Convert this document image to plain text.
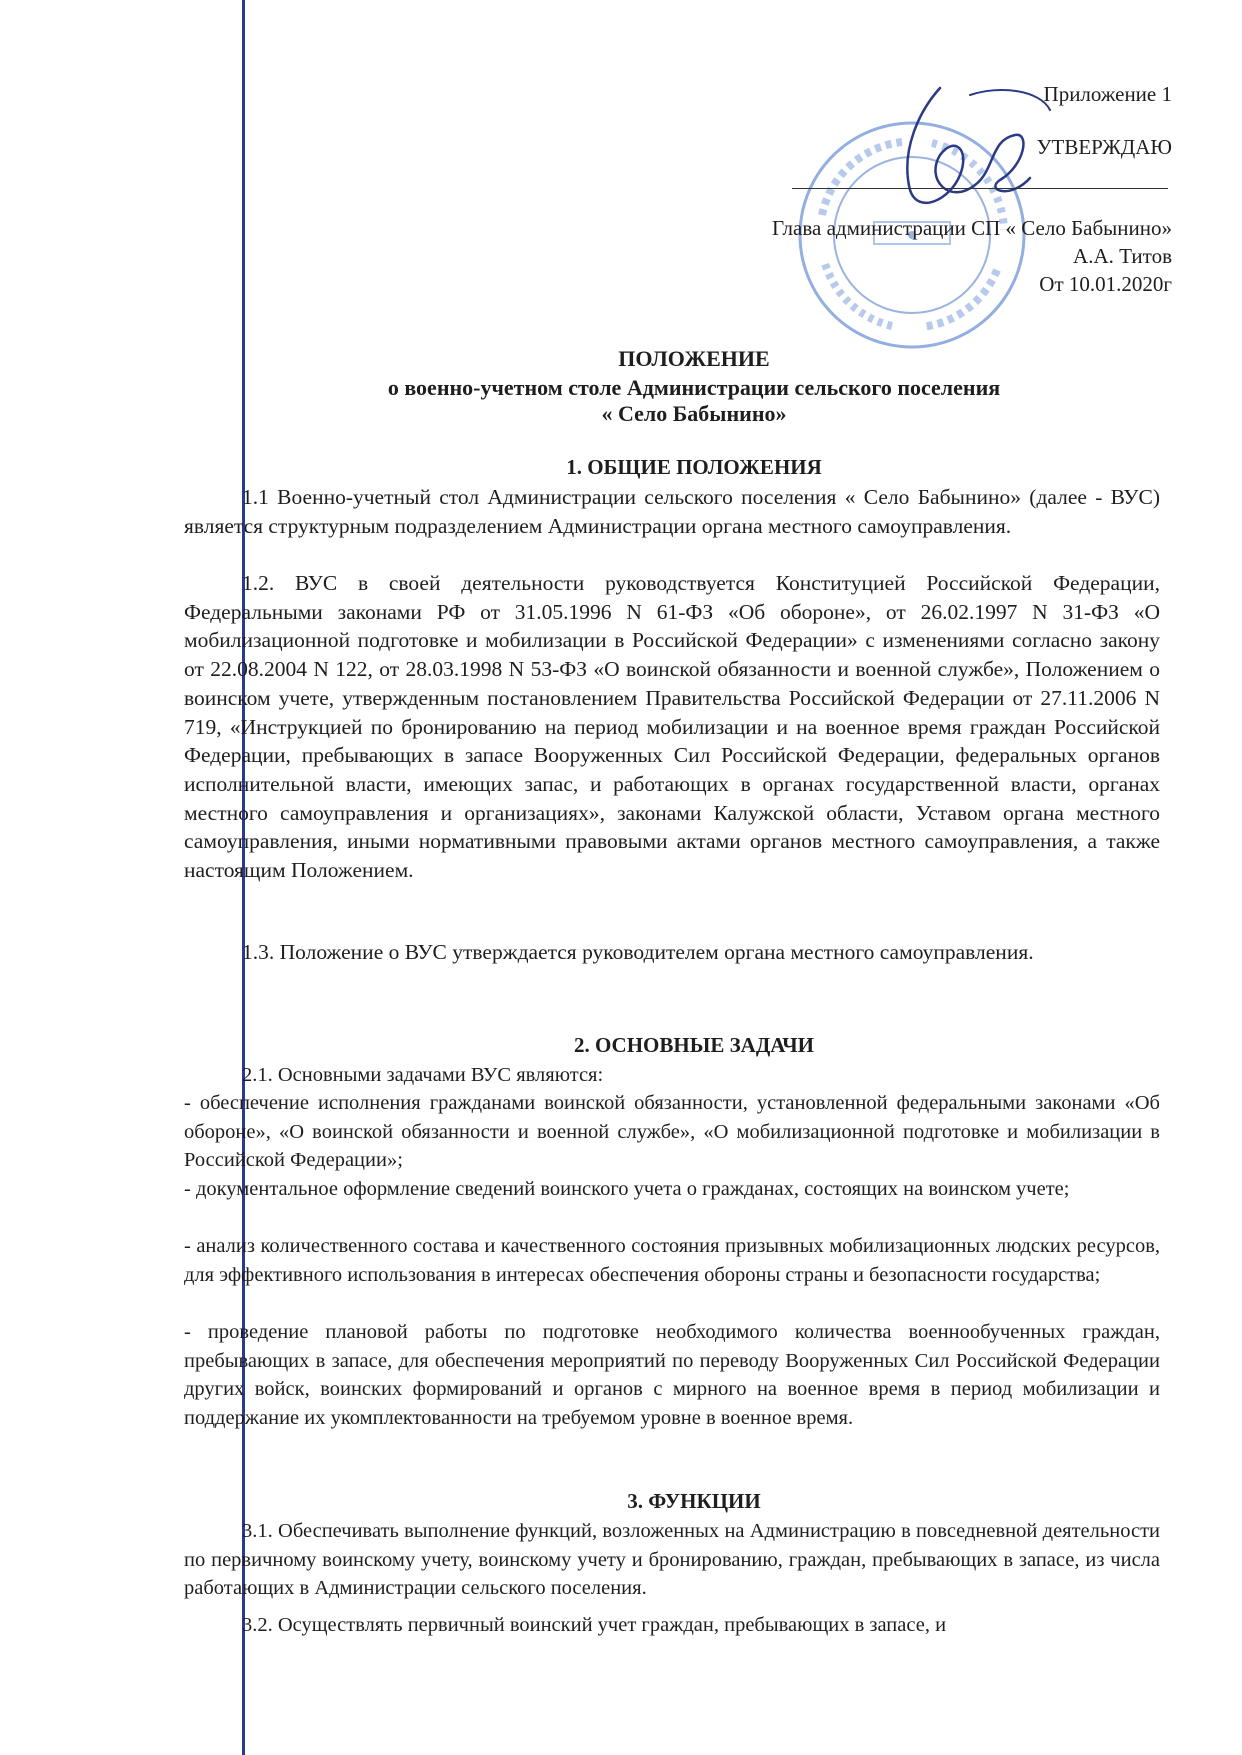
Приложение 1
УТВЕРЖДАЮ
Глава администрации СП « Село Бабынино»
А.А. Титов
От 10.01.2020г
ПОЛОЖЕНИЕ
о военно-учетном столе Администрации сельского поселения
« Село Бабынино»
1. ОБЩИЕ ПОЛОЖЕНИЯ
1.1 Военно-учетный стол Администрации сельского поселения « Село Бабынино» (далее - ВУС) является структурным подразделением Администрации органа местного самоуправления.
1.2. ВУС в своей деятельности руководствуется Конституцией Российской Федерации, Федеральными законами РФ от 31.05.1996 N 61-ФЗ «Об обороне», от 26.02.1997 N 31-ФЗ «О мобилизационной подготовке и мобилизации в Российской Федерации» с изменениями согласно закону от 22.08.2004 N 122, от 28.03.1998 N 53-ФЗ «О воинской обязанности и военной службе», Положением о воинском учете, утвержденным постановлением Правительства Российской Федерации от 27.11.2006 N 719, «Инструкцией по бронированию на период мобилизации и на военное время граждан Российской Федерации, пребывающих в запасе Вооруженных Сил Российской Федерации, федеральных органов исполнительной власти, имеющих запас, и работающих в органах государственной власти, органах местного самоуправления и организациях», законами Калужской области, Уставом органа местного самоуправления, иными нормативными правовыми актами органов местного самоуправления, а также настоящим Положением.
1.3. Положение о ВУС утверждается руководителем органа местного самоуправления.
2. ОСНОВНЫЕ ЗАДАЧИ
2.1. Основными задачами ВУС являются:
- обеспечение исполнения гражданами воинской обязанности, установленной федеральными законами «Об обороне», «О воинской обязанности и военной службе», «О мобилизационной подготовке и мобилизации в Российской Федерации»;
- документальное оформление сведений воинского учета о гражданах, состоящих на воинском учете;
- анализ количественного состава и качественного состояния призывных мобилизационных людских ресурсов, для эффективного использования в интересах обеспечения обороны страны и безопасности государства;
- проведение плановой работы по подготовке необходимого количества военнообученных граждан, пребывающих в запасе, для обеспечения мероприятий по переводу Вооруженных Сил Российской Федерации других войск, воинских формирований и органов с мирного на военное время в период мобилизации и поддержание их укомплектованности на требуемом уровне в военное время.
3. ФУНКЦИИ
3.1. Обеспечивать выполнение функций, возложенных на Администрацию в повседневной деятельности по первичному воинскому учету, воинскому учету и бронированию, граждан, пребывающих в запасе, из числа работающих в Администрации сельского поселения.
3.2. Осуществлять первичный воинский учет граждан, пребывающих в запасе, и
